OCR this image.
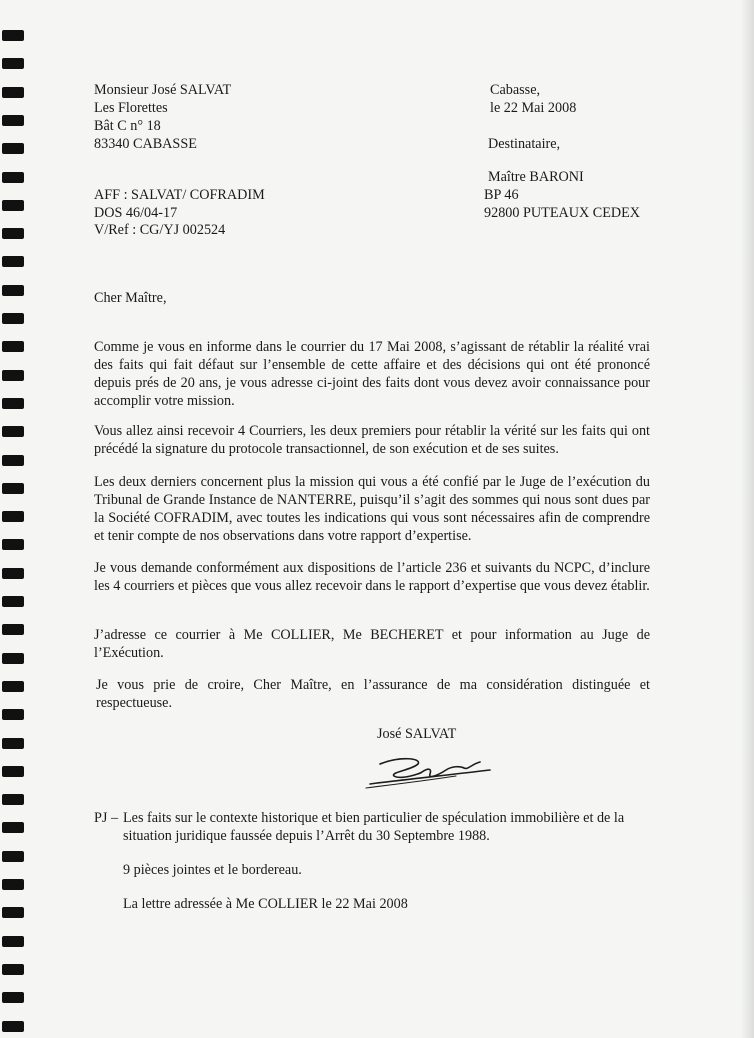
Monsieur José SALVAT

Les Florettes

Bât C n° 18

83340 CABASSE

Cabasse,

le 22 Mai 2008

Destinataire,

Maître BARONI

BP 46

92800 PUTEAUX CEDEX

AFF : SALVAT/ COFRADIM

DOS 46/04-17

V/Ref : CG/YJ 002524

Cher Maître,

Comme je vous en informe dans le courrier du 17 Mai 2008, s’agissant de rétablir la réalité vrai des faits qui fait défaut sur l’ensemble de cette affaire et des décisions qui ont été prononcé depuis prés de 20 ans, je vous adresse ci-joint des faits dont vous devez avoir connaissance pour accomplir votre mission.

Vous allez ainsi recevoir 4 Courriers, les deux premiers pour rétablir la vérité sur les faits qui ont précédé la signature du protocole transactionnel, de son exécution et de ses suites.

Les deux derniers concernent plus la mission qui vous a été confié par le Juge de l’exécution du Tribunal de Grande Instance de NANTERRE, puisqu’il s’agit des sommes qui nous sont dues par la Société COFRADIM, avec toutes les indications qui vous sont nécessaires afin de comprendre et tenir compte de nos observations dans votre rapport d’expertise.

Je vous demande conformément aux dispositions de l’article 236 et suivants du NCPC, d’inclure les 4 courriers et pièces que vous allez recevoir dans le rapport d’expertise que vous devez établir.

J’adresse ce courrier à Me COLLIER, Me BECHERET et pour information au Juge de l’Exécution.

Je vous prie de croire, Cher Maître, en l’assurance de ma considération distinguée et respectueuse.

José SALVAT

PJ – Les faits sur le contexte historique et bien particulier de spéculation immobilière et de la

situation juridique faussée depuis l’Arrêt du 30 Septembre 1988.

9 pièces jointes et le bordereau.

La lettre adressée à Me COLLIER le 22 Mai 2008
